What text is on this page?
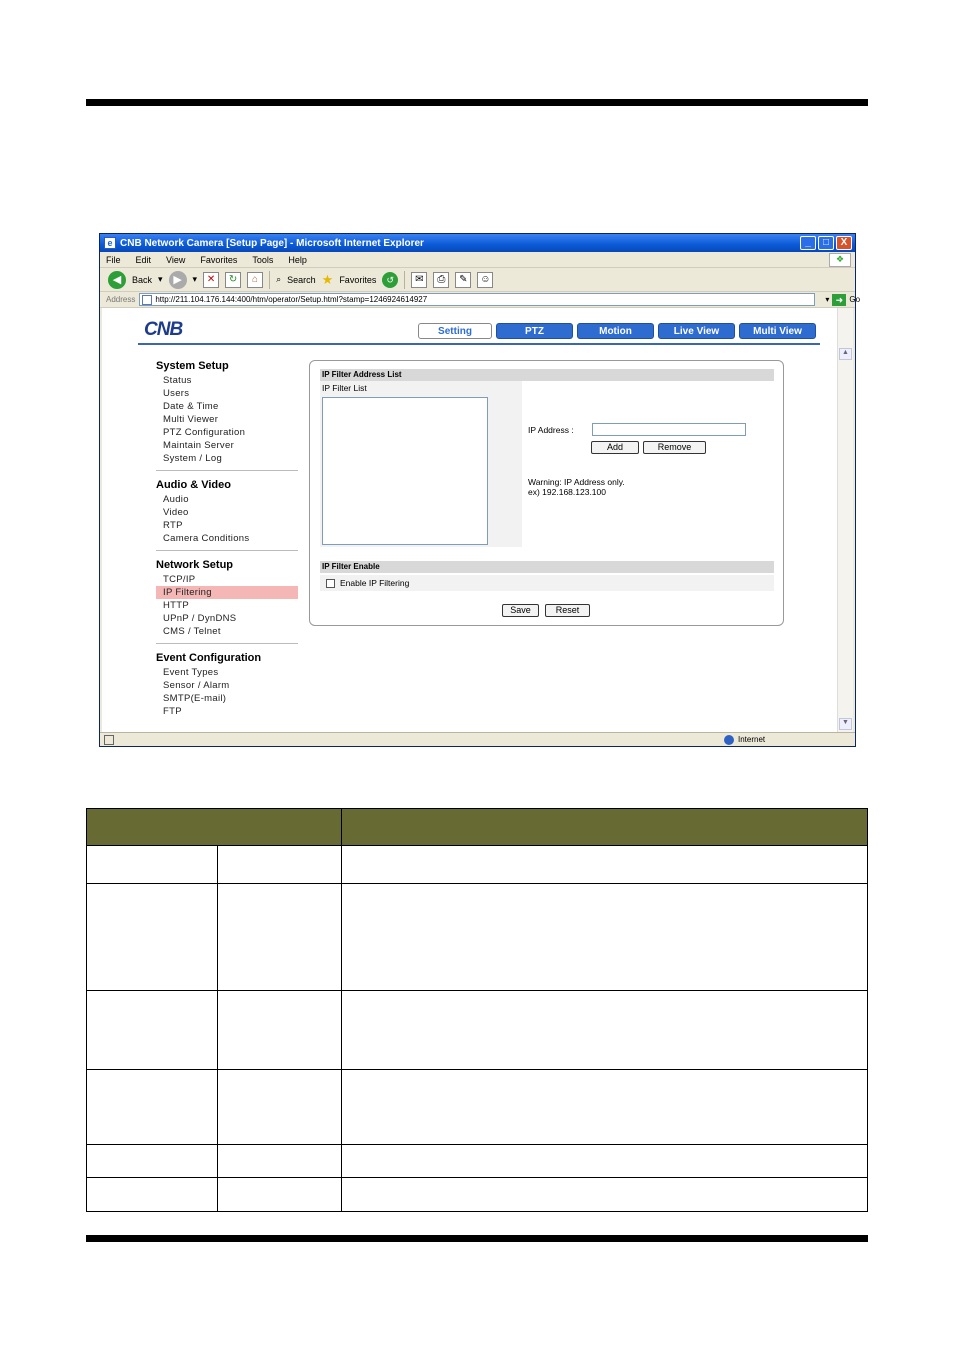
e CNB Network Camera [Setup Page] - Microsoft Internet Explorer	_	□	X
File Edit View Favorites Tools Help	❖
◀	Back ▾ ▶	▾ ✕	↻	⌂	⌕ Search ★ Favorites	↺	✉	⎙	✎	☺
Address	http://211.104.176.144:400/htm/operator/Setup.html?stamp=1246924614927	▾ ➜ Go
CNB	Setting	PTZ	Motion	Live View	Multi View
System Setup
Status
Users
Date & Time
Multi Viewer
PTZ Configuration
Maintain Server
System / Log
Audio & Video
Audio
Video
RTP
Camera Conditions
Network Setup
TCP/IP
IP Filtering
HTTP
UPnP / DynDNS
CMS / Telnet
Event Configuration
Event Types
Sensor / Alarm
SMTP(E-mail)
FTP
IP Filter Address List
IP Filter List
IP Address :
Add	Remove
Warning: IP Address only.
ex) 192.168.123.100
IP Filter Enable
Enable IP Filtering
Save	Reset
▲
▼
Internet
